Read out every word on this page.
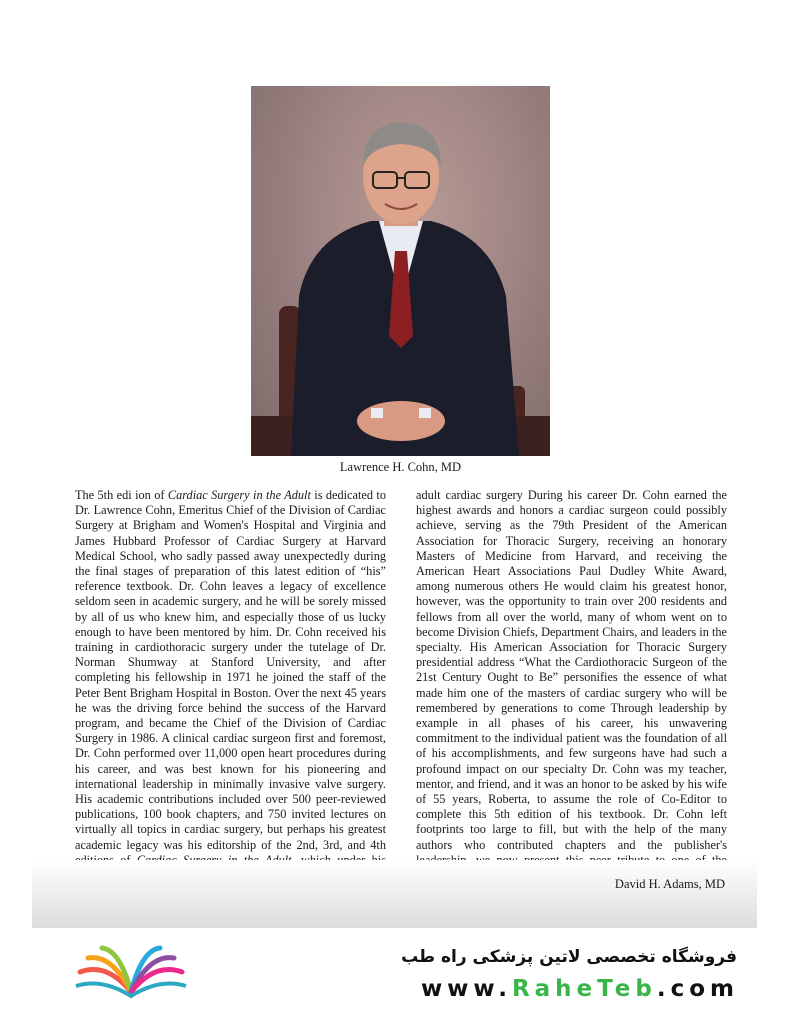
Lawrence H. Cohn, MD

The 5th edi ion of Cardiac Surgery in the Adult is dedicated to Dr. Lawrence Cohn, Emeritus Chief of the Division of Cardiac Surgery at Brigham and Women's Hospital and Virginia and James Hubbard Professor of Cardiac Surgery at Harvard Medical School, who sadly passed away unexpectedly during the final stages of preparation of this latest edition of “his” reference textbook. Dr. Cohn leaves a legacy of excellence seldom seen in academic surgery, and he will be sorely missed by all of us who knew him, and especially those of us lucky enough to have been mentored by him. Dr. Cohn received his training in cardiothoracic surgery under the tutelage of Dr. Norman Shumway at Stanford University, and after completing his fellowship in 1971 he joined the staff of the Peter Bent Brigham Hospital in Boston. Over the next 45 years he was the driving force behind the success of the Harvard program, and became the Chief of the Division of Cardiac Surgery in 1986. A clinical cardiac surgeon first and foremost, Dr. Cohn performed over 11,000 open heart procedures during his career, and was best known for his pioneering and international leadership in minimally invasive valve surgery. His academic contributions included over 500 peer-reviewed publications, 100 book chapters, and 750 invited lectures on virtually all topics in cardiac surgery, but perhaps his greatest academic legacy was his editorship of the 2nd, 3rd, and 4th

adult cardiac surgery During his career Dr. Cohn earned the highest awards and honors a cardiac surgeon could possibly achieve, serving as the 79th President of the American Association for Thoracic Surgery, receiving an honorary Masters of Medicine from Harvard, and receiving the American Heart Associations Paul Dudley White Award, among numerous others He would claim his greatest honor, however, was the opportunity to train over 200 residents and fellows from all over the world, many of whom went on to become Division Chiefs, Department Chairs, and leaders in the specialty. His American Association for Thoracic Surgery presidential address “What the Cardiothoracic Surgeon of the 21st Century Ought to Be” personifies the essence of what made him one of the masters of cardiac surgery who will be remembered by generations to come Through leadership by example in all phases of his career, his unwavering commitment to the individual patient was the foundation of all of his accomplishments, and few surgeons have had such a profound impact on our specialty Dr. Cohn was my teacher, mentor, and friend, and it was an honor to be asked by his wife of 55 years, Roberta, to assume the role of Co-Editor to complete this 5th edition of his textbook. Dr. Cohn left footprints too large to fill, but with the help of the many authors who contributed chapters and the publisher's

David H. Adams, MD
فروشگاه تخصصی لاتین پزشکی راه طب
www.RaheTeb.com
